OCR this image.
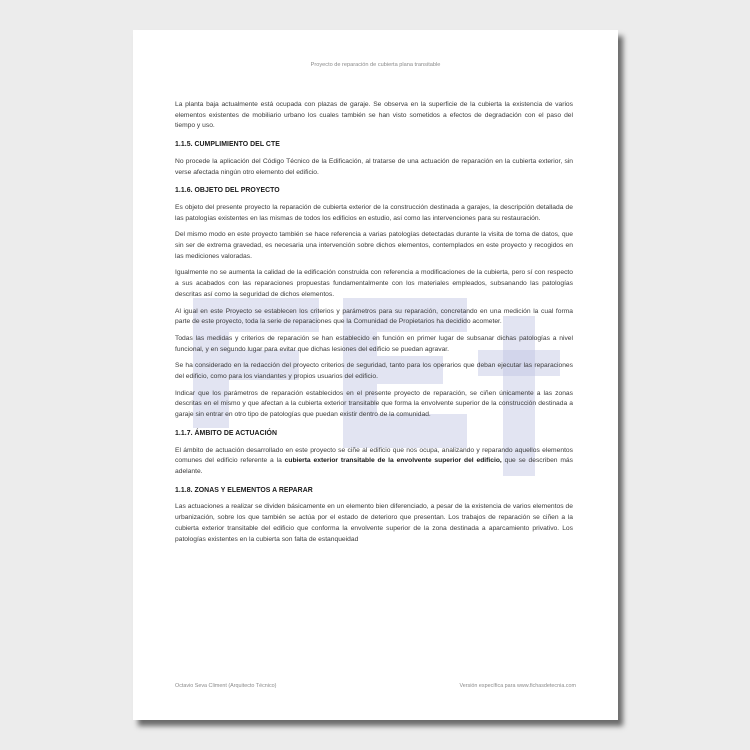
Proyecto de reparación de cubierta plana transitable

La planta baja actualmente está ocupada con plazas de garaje. Se observa en la superficie de la cubierta la existencia de varios elementos existentes de mobiliario urbano los cuales también se han visto sometidos a efectos de degradación con el paso del tiempo y uso.

1.1.5. CUMPLIMIENTO DEL CTE

No procede la aplicación del Código Técnico de la Edificación, al tratarse de una actuación de reparación en la cubierta exterior, sin verse afectada ningún otro elemento del edificio.

1.1.6. OBJETO DEL PROYECTO

Es objeto del presente proyecto la reparación de cubierta exterior de la construcción destinada a garajes, la descripción detallada de las patologías existentes en las mismas de todos los edificios en estudio, así como las intervenciones para su restauración.

Del mismo modo en este proyecto también se hace referencia a varias patologías detectadas durante la visita de toma de datos, que sin ser de extrema gravedad, es necesaria una intervención sobre dichos elementos, contemplados en este proyecto y recogidos en las mediciones valoradas.

Igualmente no se aumenta la calidad de la edificación construida con referencia a modificaciones de la cubierta, pero sí con respecto a sus acabados con las reparaciones propuestas fundamentalmente con los materiales empleados, subsanando las patologías descritas así como la seguridad de dichos elementos.

Al igual en este Proyecto se establecen los criterios y parámetros para su reparación, concretando en una medición la cual forma parte de este proyecto, toda la serie de reparaciones que la Comunidad de Propietarios ha decidido acometer.

Todas las medidas y criterios de reparación se han establecido en función en primer lugar de subsanar dichas patologías a nivel funcional, y en segundo lugar para evitar que dichas lesiones del edificio se puedan agravar.

Se ha considerado en la redacción del proyecto criterios de seguridad, tanto para los operarios que deban ejecutar las reparaciones del edificio, como para los viandantes y propios usuarios del edificio.

Indicar que los parámetros de reparación establecidos en el presente proyecto de reparación, se ciñen únicamente a las zonas descritas en el mismo y que afectan a la cubierta exterior transitable que forma la envolvente superior de la construcción destinada a garaje sin entrar en otro tipo de patologías que puedan existir dentro de la comunidad.

1.1.7. ÁMBITO DE ACTUACIÓN

El ámbito de actuación desarrollado en este proyecto se ciñe al edificio que nos ocupa, analizando y reparando aquellos elementos comunes del edificio referente a la cubierta exterior transitable de la envolvente superior del edificio, que se describen más adelante.

1.1.8. ZONAS Y ELEMENTOS A REPARAR

Las actuaciones a realizar se dividen básicamente en un elemento bien diferenciado, a pesar de la existencia de varios elementos de urbanización, sobre los que también se actúa por el estado de deterioro que presentan. Los trabajos de reparación se ciñen a la cubierta exterior transitable del edificio que conforma la envolvente superior de la zona destinada a aparcamiento privativo. Los patologías existentes en la cubierta son falta de estanqueidad

Octavio Seva Climent (Arquitecto Técnico)	Versión específica para www.fichasdetecnia.com
